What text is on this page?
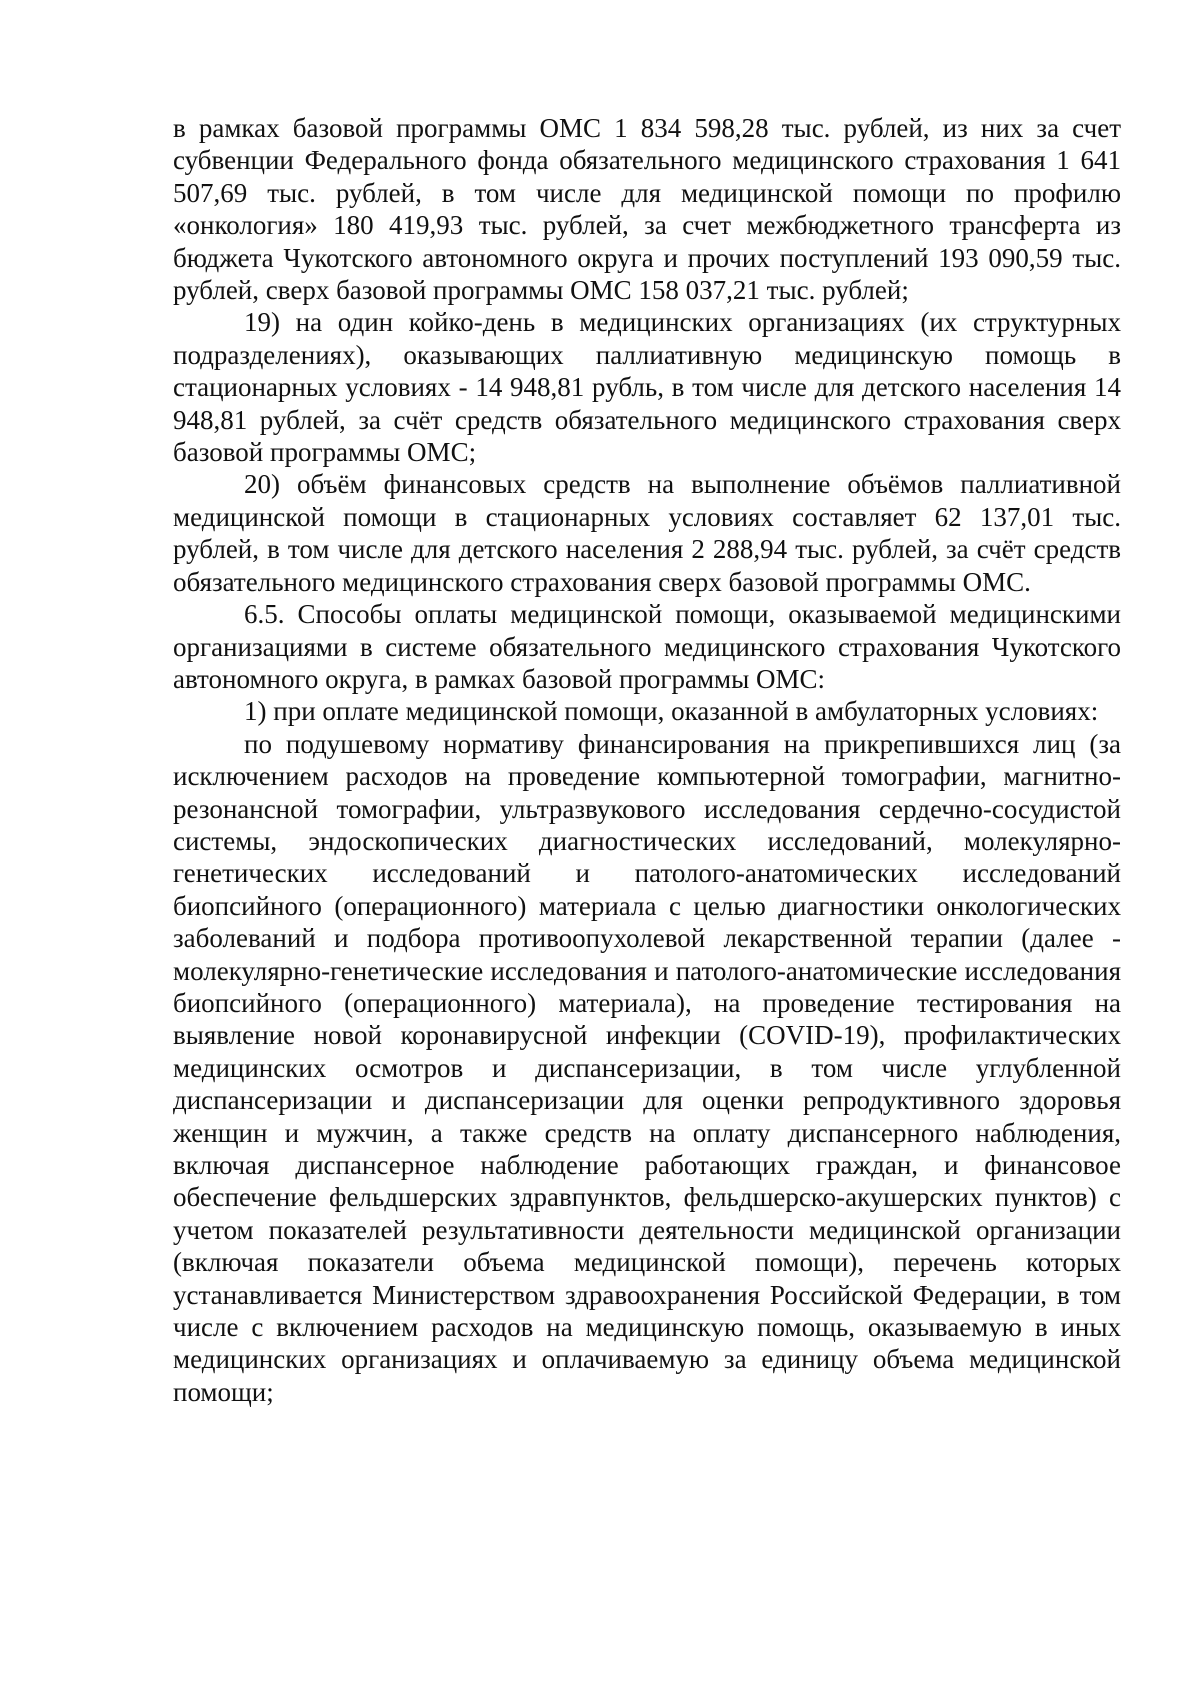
в рамках базовой программы ОМС 1 834 598,28 тыс. рублей, из них за счет субвенции Федерального фонда обязательного медицинского страхования 1 641 507,69 тыс. рублей, в том числе для медицинской помощи по профилю «онкология» 180 419,93 тыс. рублей, за счет межбюджетного трансферта из бюджета Чукотского автономного округа и прочих поступлений 193 090,59 тыс. рублей, сверх базовой программы ОМС 158 037,21 тыс. рублей;

19) на один койко-день в медицинских организациях (их структурных подразделениях), оказывающих паллиативную медицинскую помощь в стационарных условиях - 14 948,81 рубль, в том числе для детского населения 14 948,81 рублей, за счёт средств обязательного медицинского страхования сверх базовой программы ОМС;

20) объём финансовых средств на выполнение объёмов паллиативной медицинской помощи в стационарных условиях составляет 62 137,01 тыс. рублей, в том числе для детского населения 2 288,94 тыс. рублей, за счёт средств обязательного медицинского страхования сверх базовой программы ОМС.

6.5. Способы оплаты медицинской помощи, оказываемой медицинскими организациями в системе обязательного медицинского страхования Чукотского автономного округа, в рамках базовой программы ОМС:

1) при оплате медицинской помощи, оказанной в амбулаторных условиях:

по подушевому нормативу финансирования на прикрепившихся лиц (за исключением расходов на проведение компьютерной томографии, магнитно-резонансной томографии, ультразвукового исследования сердечно-сосудистой системы, эндоскопических диагностических исследований, молекулярно-генетических исследований и патолого-анатомических исследований биопсийного (операционного) материала с целью диагностики онкологических заболеваний и подбора противоопухолевой лекарственной терапии (далее - молекулярно-генетические исследования и патолого-анатомические исследования биопсийного (операционного) материала), на проведение тестирования на выявление новой коронавирусной инфекции (COVID-19), профилактических медицинских осмотров и диспансеризации, в том числе углубленной диспансеризации и диспансеризации для оценки репродуктивного здоровья женщин и мужчин, а также средств на оплату диспансерного наблюдения, включая диспансерное наблюдение работающих граждан, и финансовое обеспечение фельдшерских здравпунктов, фельдшерско-акушерских пунктов) с учетом показателей результативности деятельности медицинской организации (включая показатели объема медицинской помощи), перечень которых устанавливается Министерством здравоохранения Российской Федерации, в том числе с включением расходов на медицинскую помощь, оказываемую в иных медицинских организациях и оплачиваемую за единицу объема медицинской помощи;
